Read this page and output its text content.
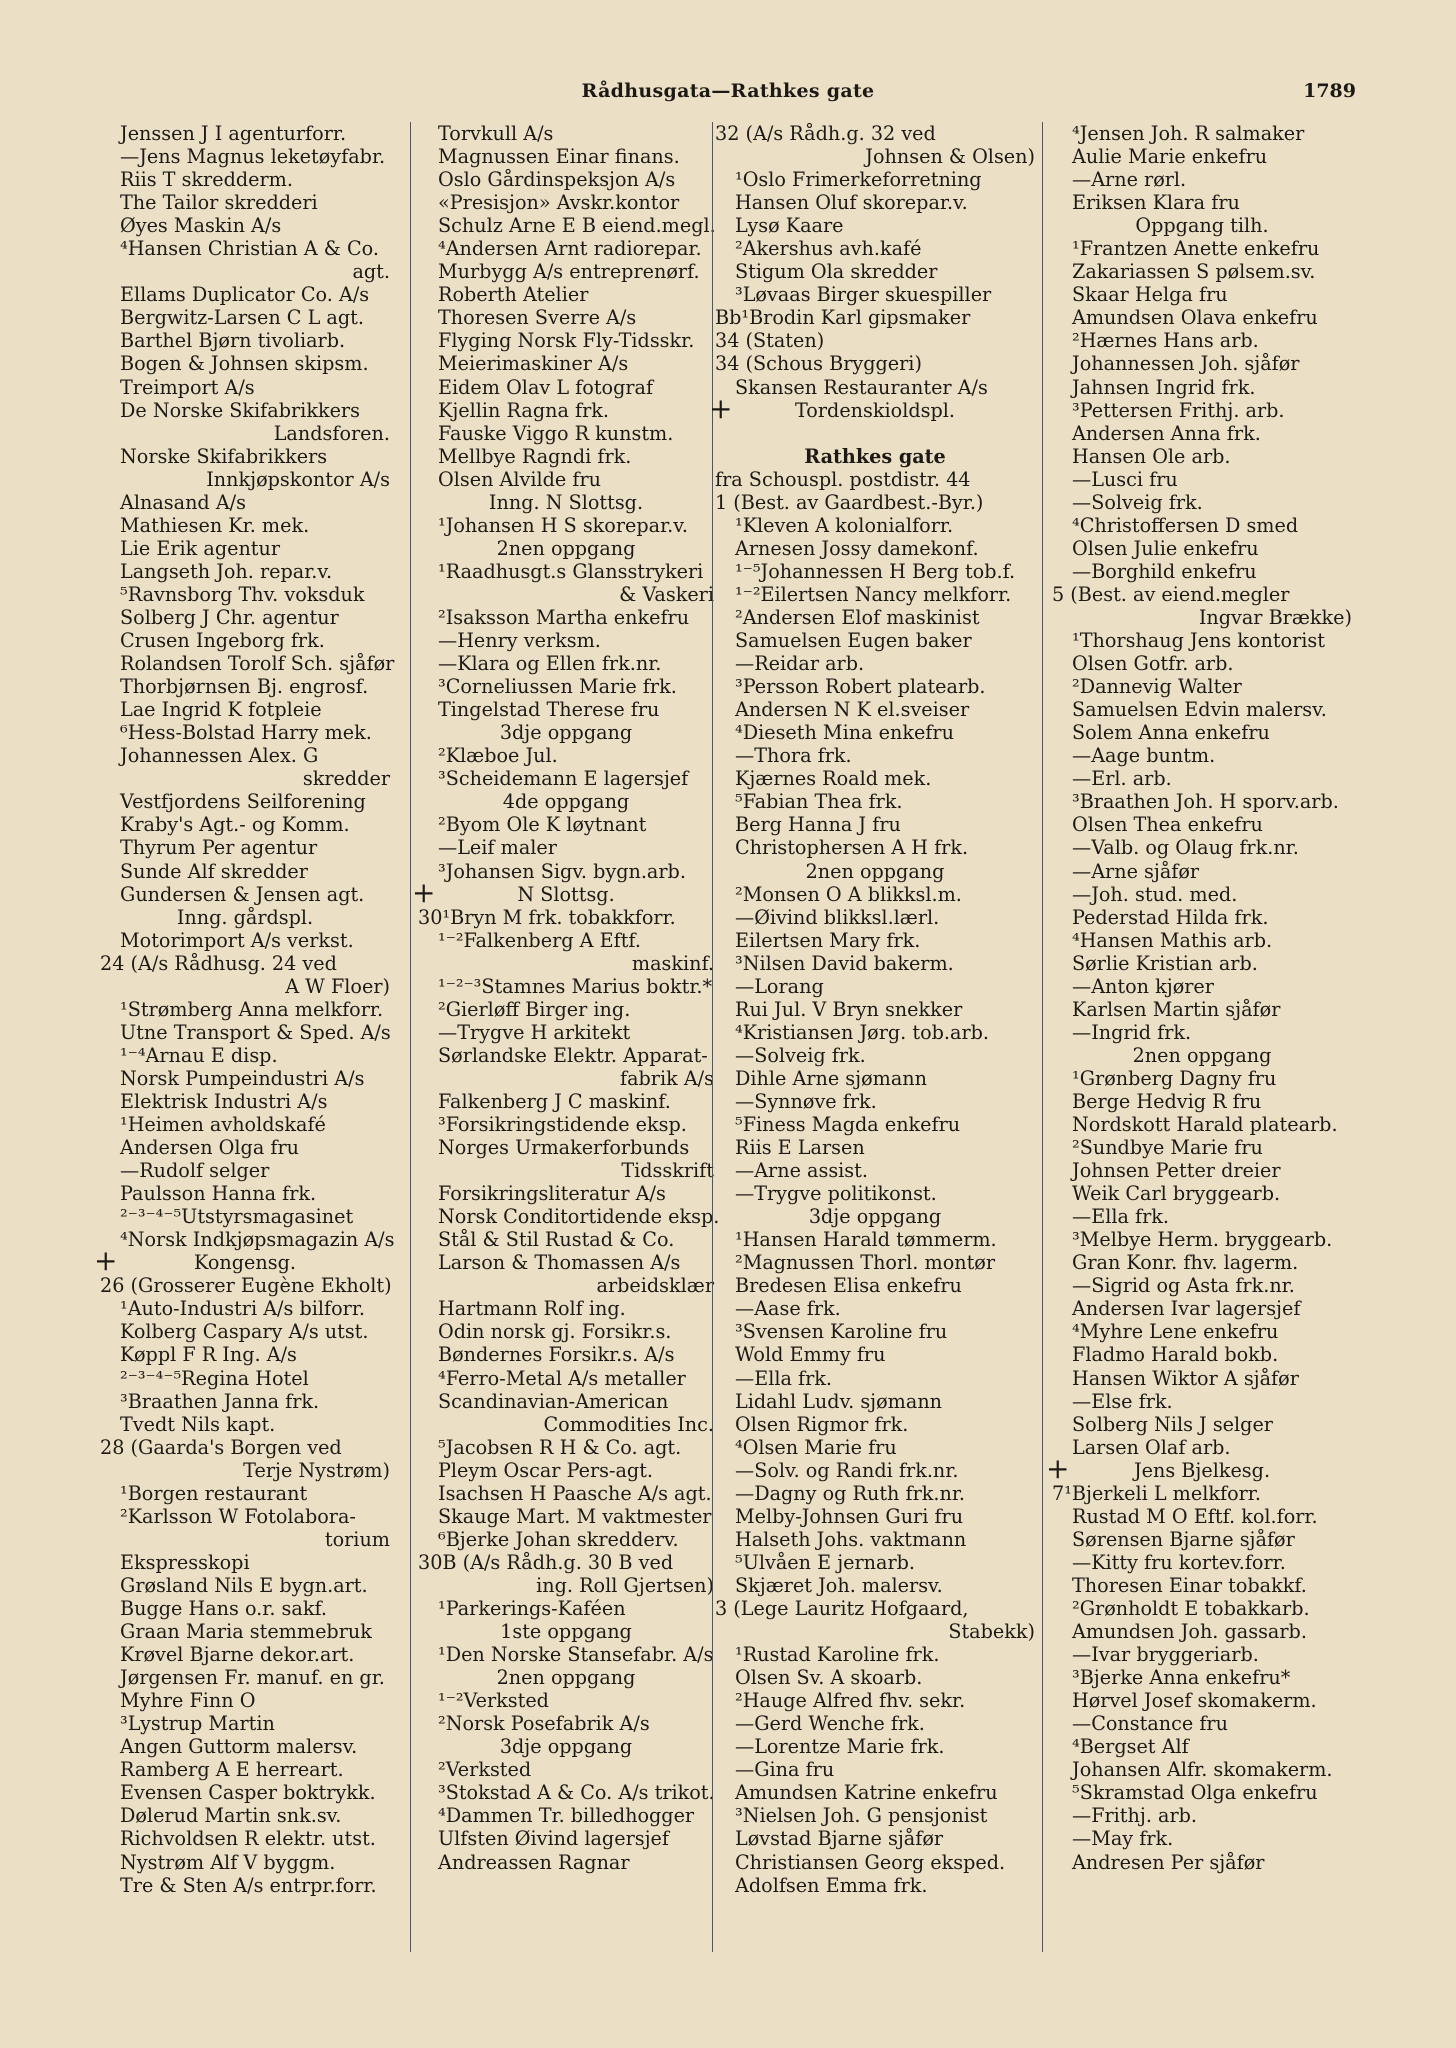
Rådhusgata—Rathkes gate	1789
Jenssen J I agenturforr.
—Jens Magnus leketøyfabr.
Riis T skredderm.
The Tailor skredderi
Øyes Maskin A/s
⁴Hansen Christian A & Co.
agt.
Ellams Duplicator Co. A/s
Bergwitz-Larsen C L agt.
Barthel Bjørn tivoliarb.
Bogen & Johnsen skipsm.
Treimport A/s
De Norske Skifabrikkers
Landsforen.
Norske Skifabrikkers
Innkjøpskontor A/s
Alnasand A/s
Mathiesen Kr. mek.
Lie Erik agentur
Langseth Joh. repar.v.
⁵Ravnsborg Thv. voksduk
Solberg J Chr. agentur
Crusen Ingeborg frk.
Rolandsen Torolf Sch. sjåfør
Thorbjørnsen Bj. engrosf.
Lae Ingrid K fotpleie
⁶Hess-Bolstad Harry mek.
Johannessen Alex. G
skredder
Vestfjordens Seilforening
Kraby's Agt.- og Komm.
Thyrum Per agentur
Sunde Alf skredder
Gundersen & Jensen agt.
Inng. gårdspl.
Motorimport A/s verkst.
24 (A/s Rådhusg. 24 ved
A W Floer)
¹Strømberg Anna melkforr.
Utne Transport & Sped. A/s
¹⁻⁴Arnau E disp.
Norsk Pumpeindustri A/s
Elektrisk Industri A/s
¹Heimen avholdskafé
Andersen Olga fru
—Rudolf selger
Paulsson Hanna frk.
²⁻³⁻⁴⁻⁵Utstyrsmagasinet
⁴Norsk Indkjøpsmagazin A/s
+	Kongensg.
26 (Grosserer Eugène Ekholt)
¹Auto-Industri A/s bilforr.
Kolberg Caspary A/s utst.
Køppl F R Ing. A/s
²⁻³⁻⁴⁻⁵Regina Hotel
³Braathen Janna frk.
Tvedt Nils kapt.
28 (Gaarda's Borgen ved
Terje Nystrøm)
¹Borgen restaurant
²Karlsson W Fotolabora-
torium
Ekspresskopi
Grøsland Nils E bygn.art.
Bugge Hans o.r. sakf.
Graan Maria stemmebruk
Krøvel Bjarne dekor.art.
Jørgensen Fr. manuf. en gr.
Myhre Finn O
³Lystrup Martin
Angen Guttorm malersv.
Ramberg A E herreart.
Evensen Casper boktrykk.
Dølerud Martin snk.sv.
Richvoldsen R elektr. utst.
Nystrøm Alf V byggm.
Tre & Sten A/s entrpr.forr.
Torvkull A/s
Magnussen Einar finans.
Oslo Gårdinspeksjon A/s
«Presisjon» Avskr.kontor
Schulz Arne E B eiend.megl.
⁴Andersen Arnt radiorepar.
Murbygg A/s entreprenørf.
Roberth Atelier
Thoresen Sverre A/s
Flyging Norsk Fly-Tidsskr.
Meierimaskiner A/s
Eidem Olav L fotograf
Kjellin Ragna frk.
Fauske Viggo R kunstm.
Mellbye Ragndi frk.
Olsen Alvilde fru
Inng. N Slottsg.
¹Johansen H S skorepar.v.
2nen oppgang
¹Raadhusgt.s Glansstrykeri
& Vaskeri
²Isaksson Martha enkefru
—Henry verksm.
—Klara og Ellen frk.nr.
³Corneliussen Marie frk.
Tingelstad Therese fru
3dje oppgang
²Klæboe Jul.
³Scheidemann E lagersjef
4de oppgang
²Byom Ole K løytnant
—Leif maler
³Johansen Sigv. bygn.arb.
+	N Slottsg.
30¹Bryn M frk. tobakkforr.
¹⁻²Falkenberg A Eftf.
maskinf.
¹⁻²⁻³Stamnes Marius boktr.*
²Gierløff Birger ing.
—Trygve H arkitekt
Sørlandske Elektr. Apparat-
fabrik A/s
Falkenberg J C maskinf.
³Forsikringstidende eksp.
Norges Urmakerforbunds
Tidsskrift
Forsikringsliteratur A/s
Norsk Conditortidende eksp.
Stål & Stil Rustad & Co.
Larson & Thomassen A/s
arbeidsklær
Hartmann Rolf ing.
Odin norsk gj. Forsikr.s.
Bøndernes Forsikr.s. A/s
⁴Ferro-Metal A/s metaller
Scandinavian-American
Commodities Inc.
⁵Jacobsen R H & Co. agt.
Pleym Oscar Pers-agt.
Isachsen H Paasche A/s agt.
Skauge Mart. M vaktmester
⁶Bjerke Johan skredderv.
30B (A/s Rådh.g. 30 B ved
ing. Roll Gjertsen)
¹Parkerings-Kaféen
1ste oppgang
¹Den Norske Stansefabr. A/s
2nen oppgang
¹⁻²Verksted
²Norsk Posefabrik A/s
3dje oppgang
²Verksted
³Stokstad A & Co. A/s trikot.
⁴Dammen Tr. billedhogger
Ulfsten Øivind lagersjef
Andreassen Ragnar
32 (A/s Rådh.g. 32 ved
Johnsen & Olsen)
¹Oslo Frimerkeforretning
Hansen Oluf skorepar.v.
Lysø Kaare
²Akershus avh.kafé
Stigum Ola skredder
³Løvaas Birger skuespiller
Bb¹Brodin Karl gipsmaker
34 (Staten)
34 (Schous Bryggeri)
Skansen Restauranter A/s
+	Tordenskioldspl.
Rathkes gate
fra Schouspl. postdistr. 44
1 (Best. av Gaardbest.-Byr.)
¹Kleven A kolonialforr.
Arnesen Jossy damekonf.
¹⁻⁵Johannessen H Berg tob.f.
¹⁻²Eilertsen Nancy melkforr.
²Andersen Elof maskinist
Samuelsen Eugen baker
—Reidar arb.
³Persson Robert platearb.
Andersen N K el.sveiser
⁴Dieseth Mina enkefru
—Thora frk.
Kjærnes Roald mek.
⁵Fabian Thea frk.
Berg Hanna J fru
Christophersen A H frk.
2nen oppgang
²Monsen O A blikksl.m.
—Øivind blikksl.lærl.
Eilertsen Mary frk.
³Nilsen David bakerm.
—Lorang
Rui Jul. V Bryn snekker
⁴Kristiansen Jørg. tob.arb.
—Solveig frk.
Dihle Arne sjømann
—Synnøve frk.
⁵Finess Magda enkefru
Riis E Larsen
—Arne assist.
—Trygve politikonst.
3dje oppgang
¹Hansen Harald tømmerm.
²Magnussen Thorl. montør
Bredesen Elisa enkefru
—Aase frk.
³Svensen Karoline fru
Wold Emmy fru
—Ella frk.
Lidahl Ludv. sjømann
Olsen Rigmor frk.
⁴Olsen Marie fru
—Solv. og Randi frk.nr.
—Dagny og Ruth frk.nr.
Melby-Johnsen Guri fru
Halseth Johs. vaktmann
⁵Ulvåen E jernarb.
Skjæret Joh. malersv.
3 (Lege Lauritz Hofgaard,
Stabekk)
¹Rustad Karoline frk.
Olsen Sv. A skoarb.
²Hauge Alfred fhv. sekr.
—Gerd Wenche frk.
—Lorentze Marie frk.
—Gina fru
Amundsen Katrine enkefru
³Nielsen Joh. G pensjonist
Løvstad Bjarne sjåfør
Christiansen Georg eksped.
Adolfsen Emma frk.
⁴Jensen Joh. R salmaker
Aulie Marie enkefru
—Arne rørl.
Eriksen Klara fru
Oppgang tilh.
¹Frantzen Anette enkefru
Zakariassen S pølsem.sv.
Skaar Helga fru
Amundsen Olava enkefru
²Hærnes Hans arb.
Johannessen Joh. sjåfør
Jahnsen Ingrid frk.
³Pettersen Frithj. arb.
Andersen Anna frk.
Hansen Ole arb.
—Lusci fru
—Solveig frk.
⁴Christoffersen D smed
Olsen Julie enkefru
—Borghild enkefru
5 (Best. av eiend.megler
Ingvar Brække)
¹Thorshaug Jens kontorist
Olsen Gotfr. arb.
²Dannevig Walter
Samuelsen Edvin malersv.
Solem Anna enkefru
—Aage buntm.
—Erl. arb.
³Braathen Joh. H sporv.arb.
Olsen Thea enkefru
—Valb. og Olaug frk.nr.
—Arne sjåfør
—Joh. stud. med.
Pederstad Hilda frk.
⁴Hansen Mathis arb.
Sørlie Kristian arb.
—Anton kjører
Karlsen Martin sjåfør
—Ingrid frk.
2nen oppgang
¹Grønberg Dagny fru
Berge Hedvig R fru
Nordskott Harald platearb.
²Sundbye Marie fru
Johnsen Petter dreier
Weik Carl bryggearb.
—Ella frk.
³Melbye Herm. bryggearb.
Gran Konr. fhv. lagerm.
—Sigrid og Asta frk.nr.
Andersen Ivar lagersjef
⁴Myhre Lene enkefru
Fladmo Harald bokb.
Hansen Wiktor A sjåfør
—Else frk.
Solberg Nils J selger
Larsen Olaf arb.
+	Jens Bjelkesg.
7¹Bjerkeli L melkforr.
Rustad M O Eftf. kol.forr.
Sørensen Bjarne sjåfør
—Kitty fru kortev.forr.
Thoresen Einar tobakkf.
²Grønholdt E tobakkarb.
Amundsen Joh. gassarb.
—Ivar bryggeriarb.
³Bjerke Anna enkefru*
Hørvel Josef skomakerm.
—Constance fru
⁴Bergset Alf
Johansen Alfr. skomakerm.
⁵Skramstad Olga enkefru
—Frithj. arb.
—May frk.
Andresen Per sjåfør
